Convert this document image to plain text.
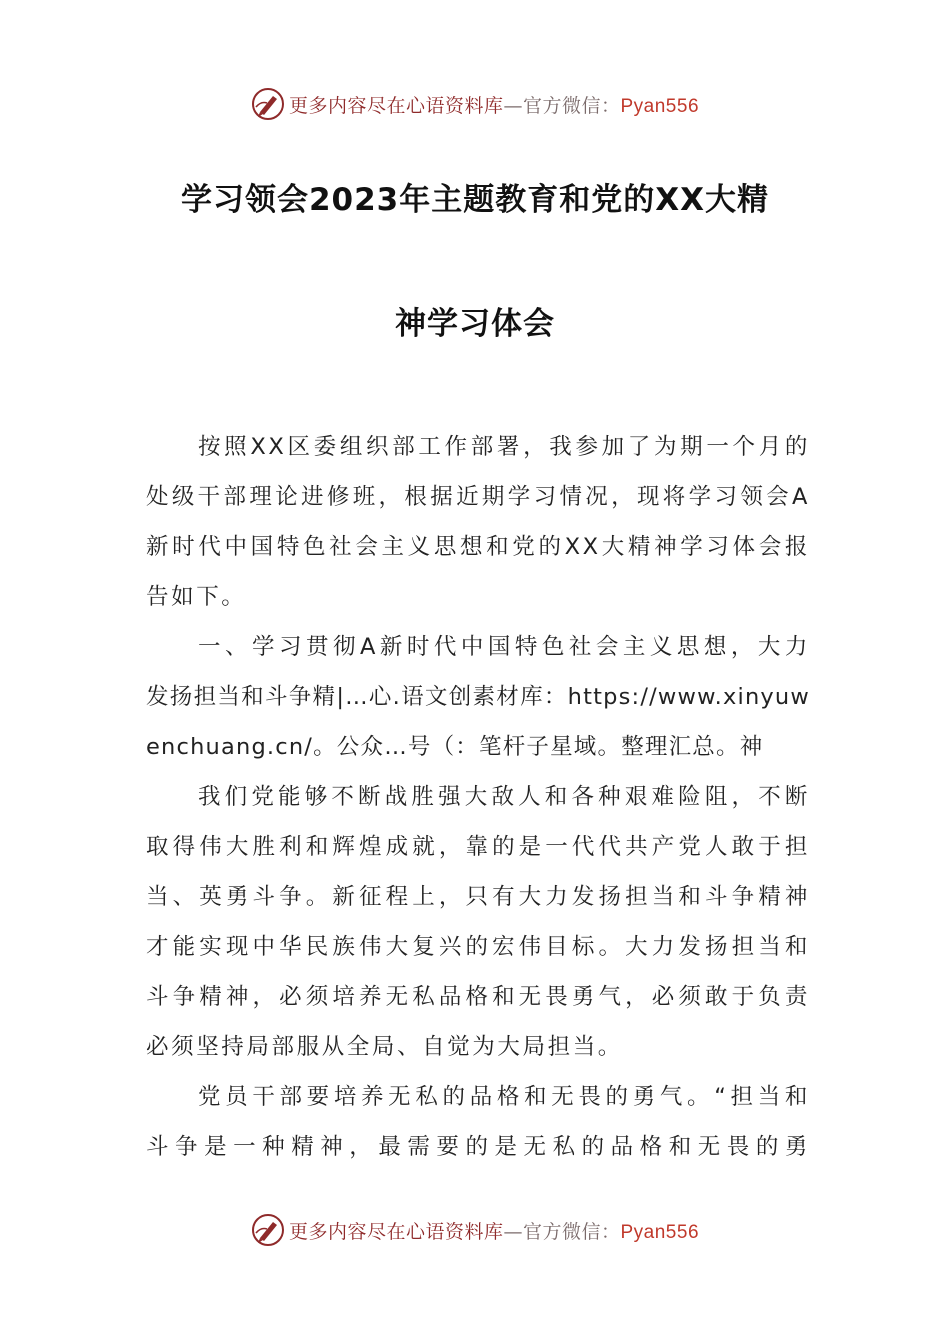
更多内容尽在心语资料库—官方微信：Pyan556
学习领会2023年主题教育和党的XX大精
神学习体会
按照XX区委组织部工作部署，我参加了为期一个月的
处级干部理论进修班，根据近期学习情况，现将学习领会A
新时代中国特色社会主义思想和党的XX大精神学习体会报
告如下。
一、学习贯彻A新时代中国特色社会主义思想，大力
发扬担当和斗争精|…心.语文创素材库：https://www.xinyuw
enchuang.cn/。公众…号（：笔杆子星域。整理汇总。神
我们党能够不断战胜强大敌人和各种艰难险阻，不断
取得伟大胜利和辉煌成就，靠的是一代代共产党人敢于担
当、英勇斗争。新征程上，只有大力发扬担当和斗争精神
才能实现中华民族伟大复兴的宏伟目标。大力发扬担当和
斗争精神，必须培养无私品格和无畏勇气，必须敢于负责
必须坚持局部服从全局、自觉为大局担当。
党员干部要培养无私的品格和无畏的勇气。“担当和
斗争是一种精神，最需要的是无私的品格和无畏的勇
更多内容尽在心语资料库—官方微信：Pyan556
